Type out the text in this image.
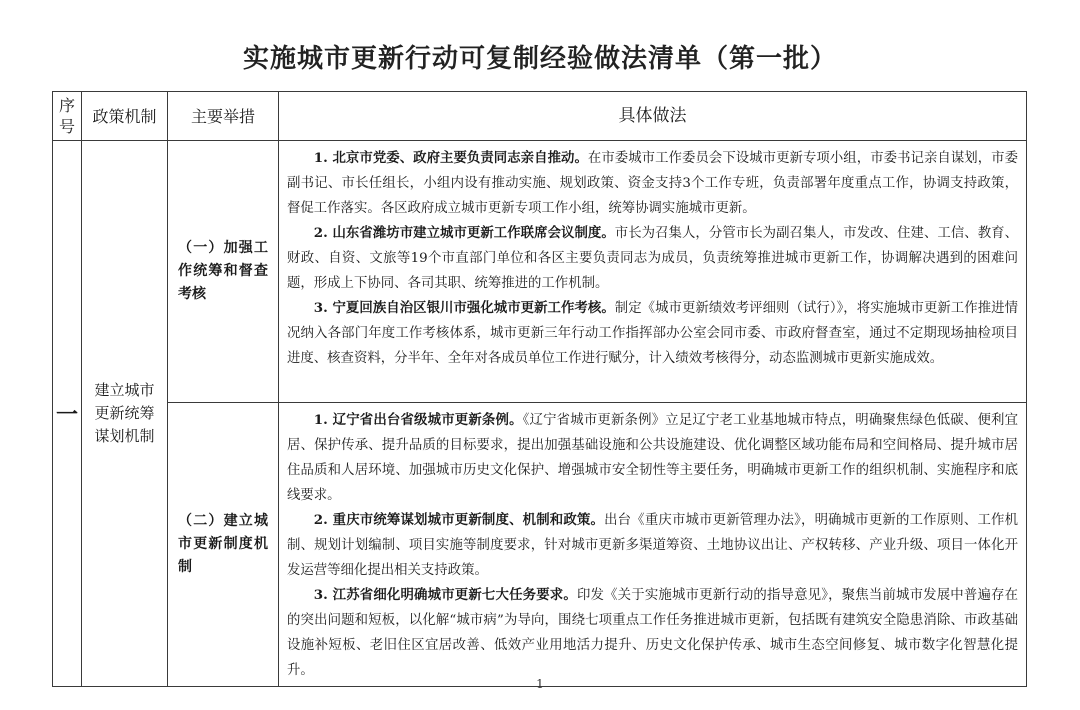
实施城市更新行动可复制经验做法清单（第一批）
序号	政策机制	主要举措	具体做法
一	建立城市更新统筹谋划机制	（一）加强工作统筹和督查考核	1. 北京市党委、政府主要负责同志亲自推动。在市委城市工作委员会下设城市更新专项小组，市委书记亲自谋划，市委副书记、市长任组长，小组内设有推动实施、规划政策、资金支持3个工作专班，负责部署年度重点工作，协调支持政策，督促工作落实。各区政府成立城市更新专项工作小组，统筹协调实施城市更新。

2. 山东省潍坊市建立城市更新工作联席会议制度。市长为召集人，分管市长为副召集人，市发改、住建、工信、教育、财政、自资、文旅等19个市直部门单位和各区主要负责同志为成员，负责统筹推进城市更新工作，协调解决遇到的困难问题，形成上下协同、各司其职、统筹推进的工作机制。

3. 宁夏回族自治区银川市强化城市更新工作考核。制定《城市更新绩效考评细则（试行）》，将实施城市更新工作推进情况纳入各部门年度工作考核体系，城市更新三年行动工作指挥部办公室会同市委、市政府督查室，通过不定期现场抽检项目进度、核查资料，分半年、全年对各成员单位工作进行赋分，计入绩效考核得分，动态监测城市更新实施成效。

		（二）建立城市更新制度机制	1. 辽宁省出台省级城市更新条例。《辽宁省城市更新条例》立足辽宁老工业基地城市特点，明确聚焦绿色低碳、便利宜居、保护传承、提升品质的目标要求，提出加强基础设施和公共设施建设、优化调整区域功能布局和空间格局、提升城市居住品质和人居环境、加强城市历史文化保护、增强城市安全韧性等主要任务，明确城市更新工作的组织机制、实施程序和底线要求。

2. 重庆市统筹谋划城市更新制度、机制和政策。出台《重庆市城市更新管理办法》，明确城市更新的工作原则、工作机制、规划计划编制、项目实施等制度要求，针对城市更新多渠道筹资、土地协议出让、产权转移、产业升级、项目一体化开发运营等细化提出相关支持政策。

3. 江苏省细化明确城市更新七大任务要求。印发《关于实施城市更新行动的指导意见》，聚焦当前城市发展中普遍存在的突出问题和短板，以化解“城市病”为导向，围绕七项重点工作任务推进城市更新，包括既有建筑安全隐患消除、市政基础设施补短板、老旧住区宜居改善、低效产业用地活力提升、历史文化保护传承、城市生态空间修复、城市数字化智慧化提升。

1
